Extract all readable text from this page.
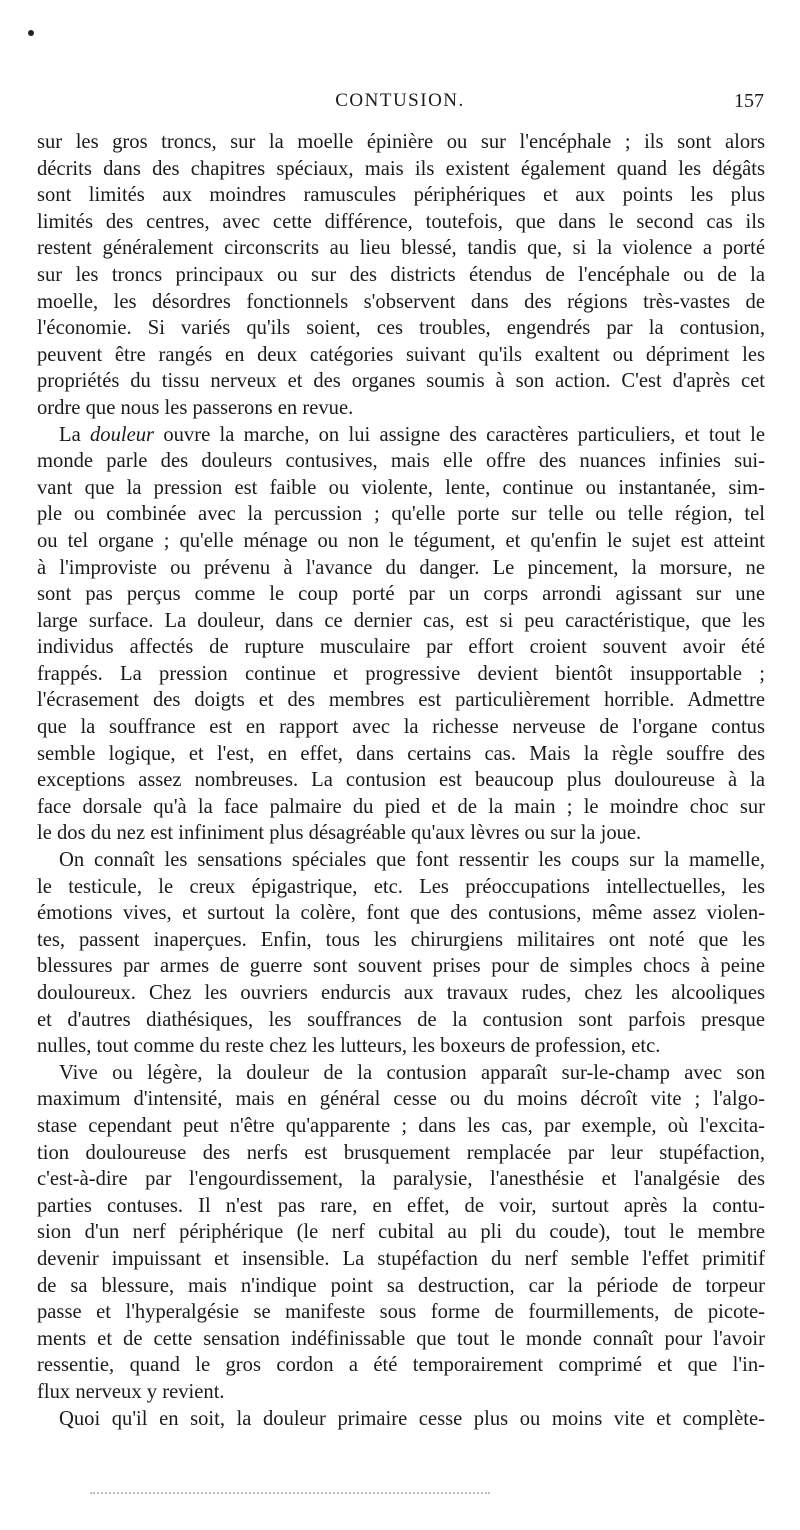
CONTUSION.	157
sur les gros troncs, sur la moelle épinière ou sur l'encéphale ; ils sont alors
décrits dans des chapitres spéciaux, mais ils existent également quand les dégâts
sont limités aux moindres ramuscules périphériques et aux points les plus
limités des centres, avec cette différence, toutefois, que dans le second cas ils
restent généralement circonscrits au lieu blessé, tandis que, si la violence a porté
sur les troncs principaux ou sur des districts étendus de l'encéphale ou de la
moelle, les désordres fonctionnels s'observent dans des régions très-vastes de
l'économie. Si variés qu'ils soient, ces troubles, engendrés par la contusion,
peuvent être rangés en deux catégories suivant qu'ils exaltent ou dépriment les
propriétés du tissu nerveux et des organes soumis à son action. C'est d'après cet
ordre que nous les passerons en revue.
La douleur ouvre la marche, on lui assigne des caractères particuliers, et tout le
monde parle des douleurs contusives, mais elle offre des nuances infinies sui-
vant que la pression est faible ou violente, lente, continue ou instantanée, sim-
ple ou combinée avec la percussion ; qu'elle porte sur telle ou telle région, tel
ou tel organe ; qu'elle ménage ou non le tégument, et qu'enfin le sujet est atteint
à l'improviste ou prévenu à l'avance du danger. Le pincement, la morsure, ne
sont pas perçus comme le coup porté par un corps arrondi agissant sur une
large surface. La douleur, dans ce dernier cas, est si peu caractéristique, que les
individus affectés de rupture musculaire par effort croient souvent avoir été
frappés. La pression continue et progressive devient bientôt insupportable ;
l'écrasement des doigts et des membres est particulièrement horrible. Admettre
que la souffrance est en rapport avec la richesse nerveuse de l'organe contus
semble logique, et l'est, en effet, dans certains cas. Mais la règle souffre des
exceptions assez nombreuses. La contusion est beaucoup plus douloureuse à la
face dorsale qu'à la face palmaire du pied et de la main ; le moindre choc sur
le dos du nez est infiniment plus désagréable qu'aux lèvres ou sur la joue.
On connaît les sensations spéciales que font ressentir les coups sur la mamelle,
le testicule, le creux épigastrique, etc. Les préoccupations intellectuelles, les
émotions vives, et surtout la colère, font que des contusions, même assez violen-
tes, passent inaperçues. Enfin, tous les chirurgiens militaires ont noté que les
blessures par armes de guerre sont souvent prises pour de simples chocs à peine
douloureux. Chez les ouvriers endurcis aux travaux rudes, chez les alcooliques
et d'autres diathésiques, les souffrances de la contusion sont parfois presque
nulles, tout comme du reste chez les lutteurs, les boxeurs de profession, etc.
Vive ou légère, la douleur de la contusion apparaît sur-le-champ avec son
maximum d'intensité, mais en général cesse ou du moins décroît vite ; l'algo-
stase cependant peut n'être qu'apparente ; dans les cas, par exemple, où l'excita-
tion douloureuse des nerfs est brusquement remplacée par leur stupéfaction,
c'est-à-dire par l'engourdissement, la paralysie, l'anesthésie et l'analgésie des
parties contuses. Il n'est pas rare, en effet, de voir, surtout après la contu-
sion d'un nerf périphérique (le nerf cubital au pli du coude), tout le membre
devenir impuissant et insensible. La stupéfaction du nerf semble l'effet primitif
de sa blessure, mais n'indique point sa destruction, car la période de torpeur
passe et l'hyperalgésie se manifeste sous forme de fourmillements, de picote-
ments et de cette sensation indéfinissable que tout le monde connaît pour l'avoir
ressentie, quand le gros cordon a été temporairement comprimé et que l'in-
flux nerveux y revient.
Quoi qu'il en soit, la douleur primaire cesse plus ou moins vite et complète-
